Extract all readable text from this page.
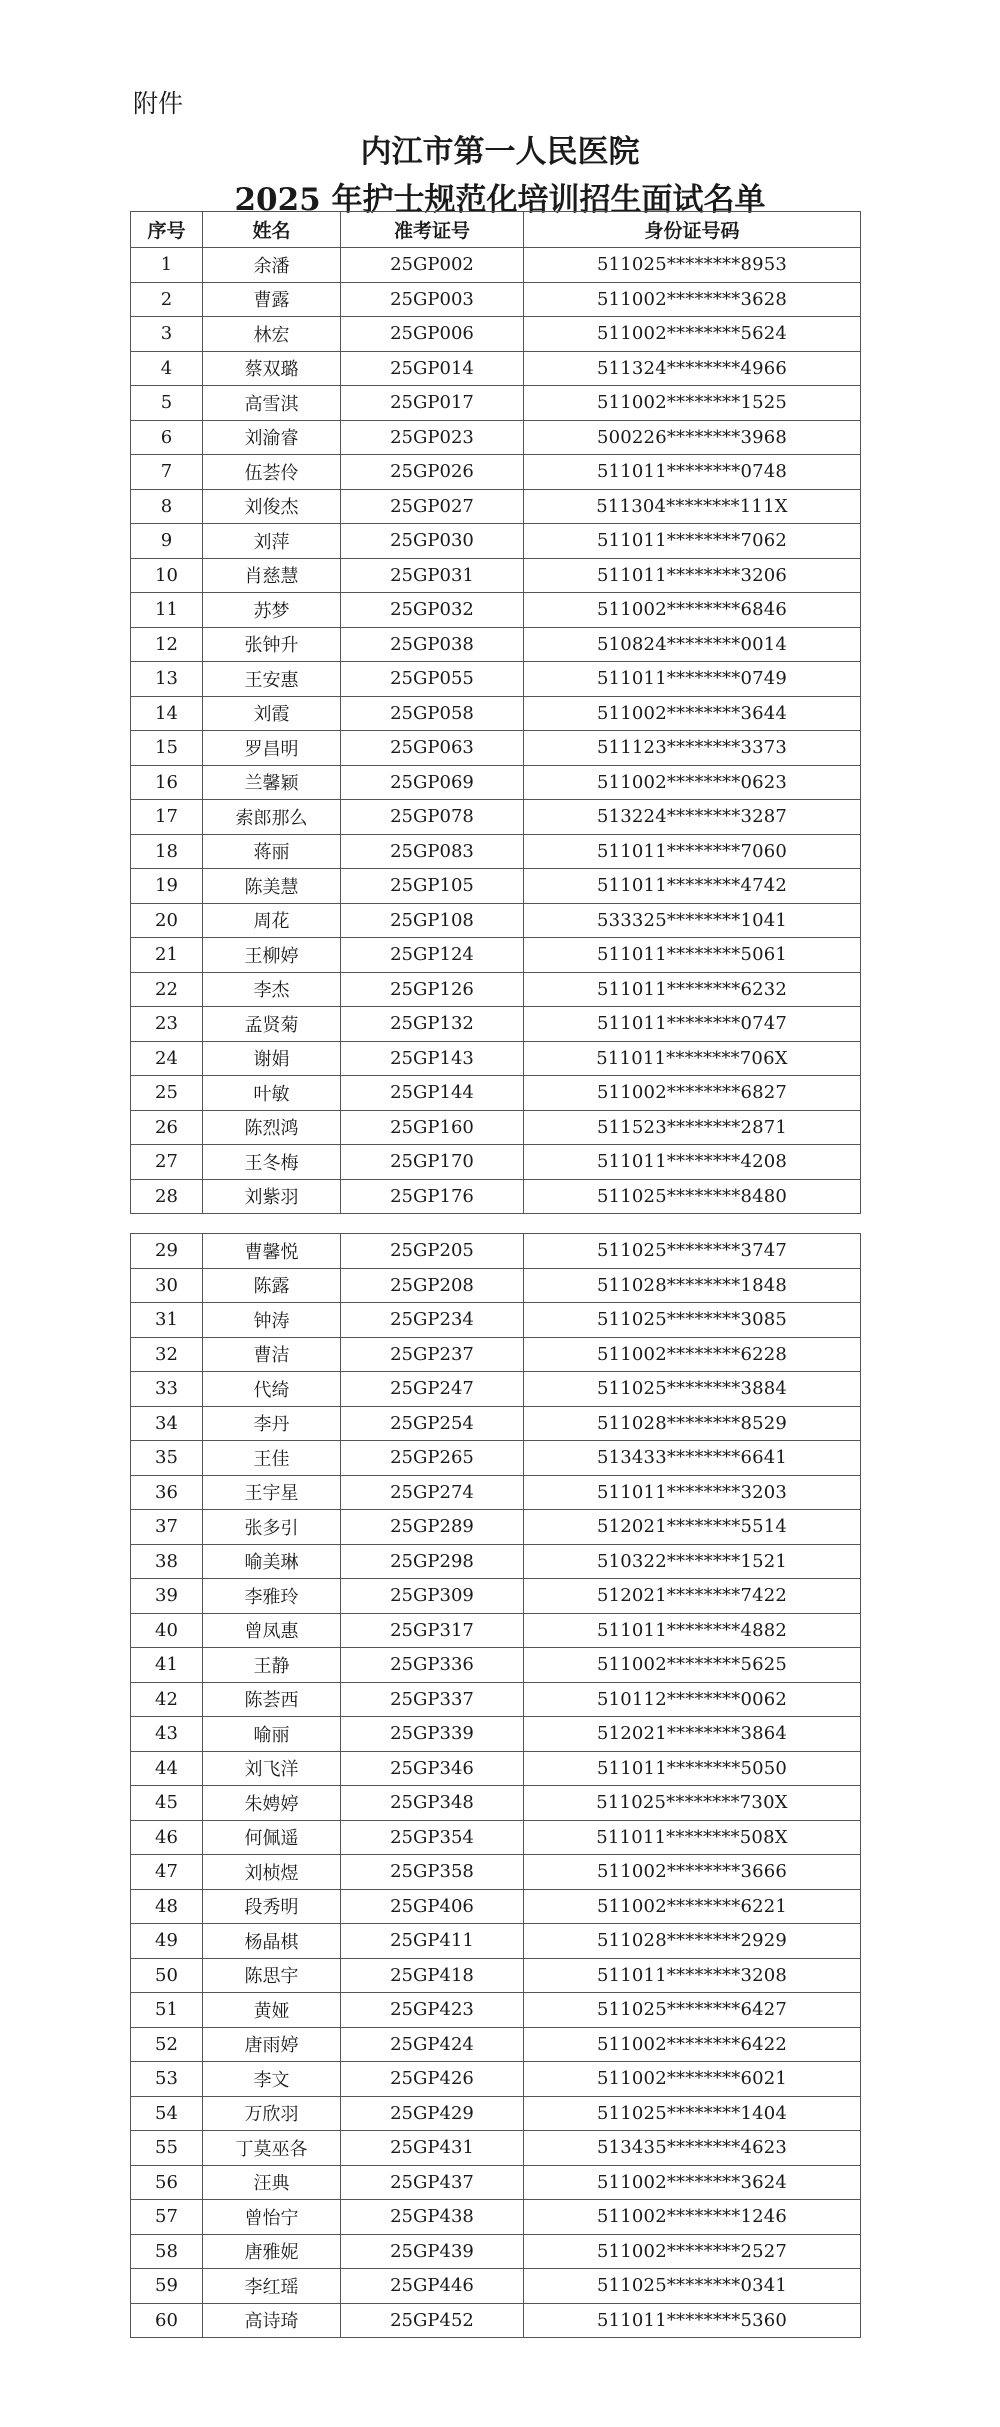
附件
内江市第一人民医院
2025 年护士规范化培训招生面试名单
序号	姓名	准考证号	身份证号码
1	余潘	25GP002	511025********8953
2	曹露	25GP003	511002********3628
3	林宏	25GP006	511002********5624
4	蔡双璐	25GP014	511324********4966
5	高雪淇	25GP017	511002********1525
6	刘渝睿	25GP023	500226********3968
7	伍荟伶	25GP026	511011********0748
8	刘俊杰	25GP027	511304********111X
9	刘萍	25GP030	511011********7062
10	肖慈慧	25GP031	511011********3206
11	苏梦	25GP032	511002********6846
12	张钟升	25GP038	510824********0014
13	王安惠	25GP055	511011********0749
14	刘霞	25GP058	511002********3644
15	罗昌明	25GP063	511123********3373
16	兰馨颖	25GP069	511002********0623
17	索郎那么	25GP078	513224********3287
18	蒋丽	25GP083	511011********7060
19	陈美慧	25GP105	511011********4742
20	周花	25GP108	533325********1041
21	王柳婷	25GP124	511011********5061
22	李杰	25GP126	511011********6232
23	孟贤菊	25GP132	511011********0747
24	谢娟	25GP143	511011********706X
25	叶敏	25GP144	511002********6827
26	陈烈鸿	25GP160	511523********2871
27	王冬梅	25GP170	511011********4208
28	刘紫羽	25GP176	511025********8480
29	曹馨悦	25GP205	511025********3747
30	陈露	25GP208	511028********1848
31	钟涛	25GP234	511025********3085
32	曹洁	25GP237	511002********6228
33	代绮	25GP247	511025********3884
34	李丹	25GP254	511028********8529
35	王佳	25GP265	513433********6641
36	王宇星	25GP274	511011********3203
37	张多引	25GP289	512021********5514
38	喻美琳	25GP298	510322********1521
39	李雅玲	25GP309	512021********7422
40	曾凤惠	25GP317	511011********4882
41	王静	25GP336	511002********5625
42	陈荟西	25GP337	510112********0062
43	喻丽	25GP339	512021********3864
44	刘飞洋	25GP346	511011********5050
45	朱娉婷	25GP348	511025********730X
46	何佩遥	25GP354	511011********508X
47	刘桢煜	25GP358	511002********3666
48	段秀明	25GP406	511002********6221
49	杨晶棋	25GP411	511028********2929
50	陈思宇	25GP418	511011********3208
51	黄娅	25GP423	511025********6427
52	唐雨婷	25GP424	511002********6422
53	李文	25GP426	511002********6021
54	万欣羽	25GP429	511025********1404
55	丁莫巫各	25GP431	513435********4623
56	汪典	25GP437	511002********3624
57	曾怡宁	25GP438	511002********1246
58	唐雅妮	25GP439	511002********2527
59	李红瑶	25GP446	511025********0341
60	高诗琦	25GP452	511011********5360
